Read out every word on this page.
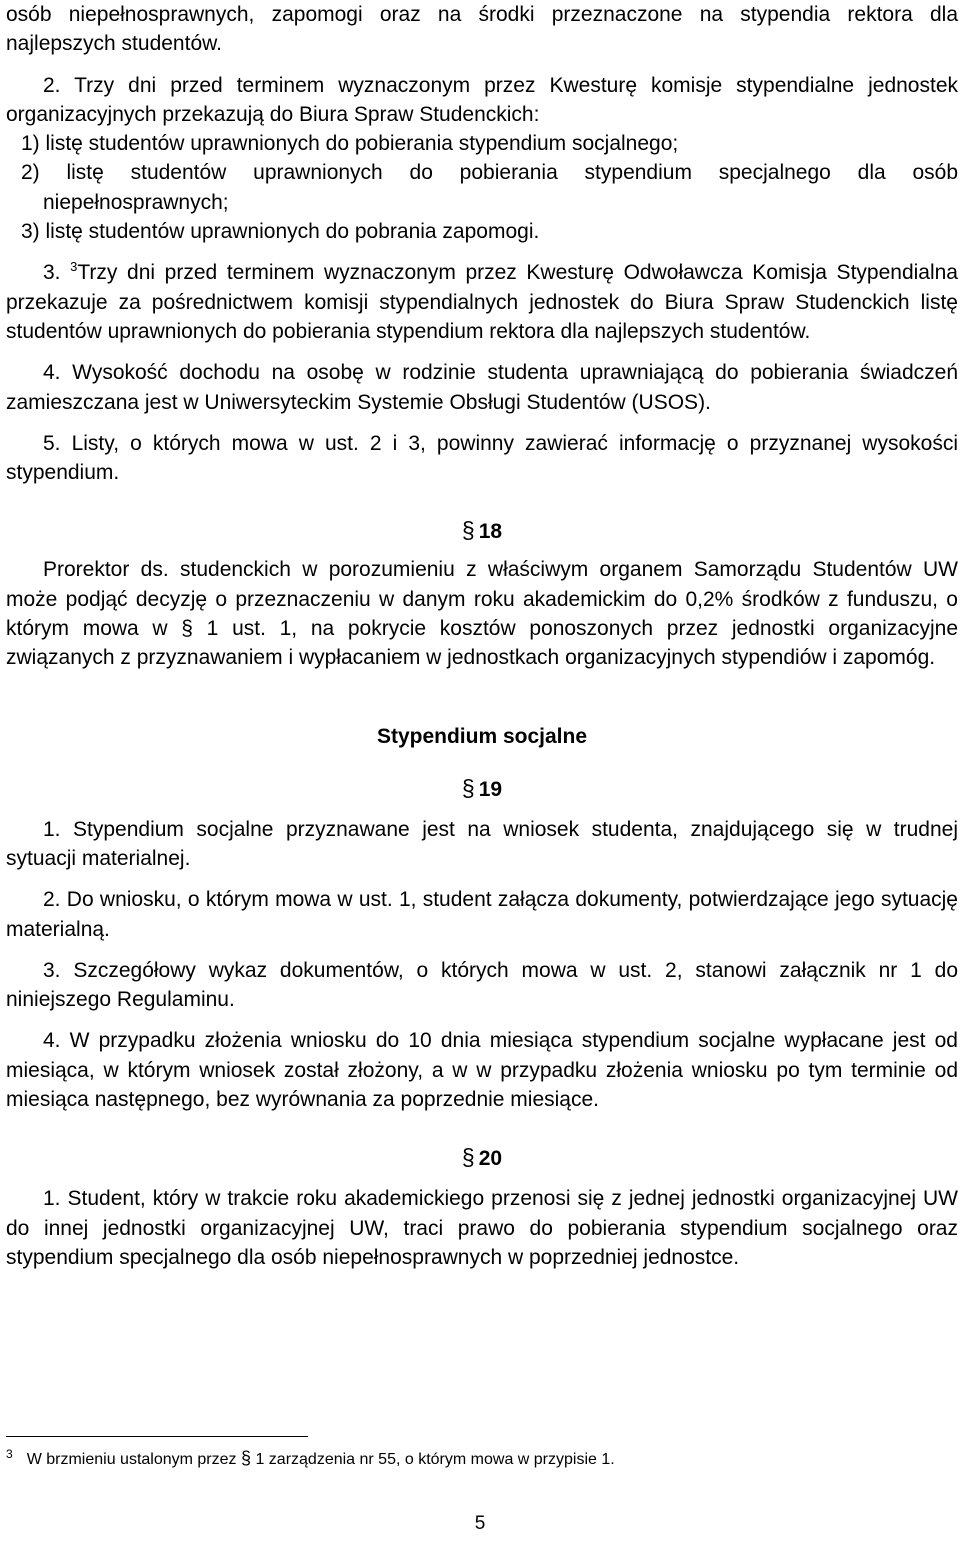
osób niepełnosprawnych, zapomogi oraz na środki przeznaczone na stypendia rektora dla najlepszych studentów.

2. Trzy dni przed terminem wyznaczonym przez Kwesturę komisje stypendialne jednostek organizacyjnych przekazują do Biura Spraw Studenckich:

1) listę studentów uprawnionych do pobierania stypendium socjalnego;

2) listę studentów uprawnionych do pobierania stypendium specjalnego dla osób niepełnosprawnych;

3) listę studentów uprawnionych do pobrania zapomogi.

3. $^3$Trzy dni przed terminem wyznaczonym przez Kwesturę Odwoławcza Komisja Stypendialna przekazuje za pośrednictwem komisji stypendialnych jednostek do Biura Spraw Studenckich listę studentów uprawnionych do pobierania stypendium rektora dla najlepszych studentów.

4. Wysokość dochodu na osobę w rodzinie studenta uprawniającą do pobierania świadczeń zamieszczana jest w Uniwersyteckim Systemie Obsługi Studentów (USOS).

5. Listy, o których mowa w ust. 2 i 3, powinny zawierać informację o przyznanej wysokości stypendium.

§ 18

Prorektor ds. studenckich w porozumieniu z właściwym organem Samorządu Studentów UW może podjąć decyzję o przeznaczeniu w danym roku akademickim do 0,2% środków z funduszu, o którym mowa w § 1 ust. 1, na pokrycie kosztów ponoszonych przez jednostki organizacyjne związanych z przyznawaniem i wypłacaniem w jednostkach organizacyjnych stypendiów i zapomóg.

Stypendium socjalne
§ 19

1. Stypendium socjalne przyznawane jest na wniosek studenta, znajdującego się w trudnej sytuacji materialnej.

2. Do wniosku, o którym mowa w ust. 1, student załącza dokumenty, potwierdzające jego sytuację materialną.

3. Szczegółowy wykaz dokumentów, o których mowa w ust. 2, stanowi załącznik nr 1 do niniejszego Regulaminu.

4. W przypadku złożenia wniosku do 10 dnia miesiąca stypendium socjalne wypłacane jest od miesiąca, w którym wniosek został złożony, a w w przypadku złożenia wniosku po tym terminie od miesiąca następnego, bez wyrównania za poprzednie miesiące.

§ 20

1. Student, który w trakcie roku akademickiego przenosi się z jednej jednostki organizacyjnej UW do innej jednostki organizacyjnej UW, traci prawo do pobierania stypendium socjalnego oraz stypendium specjalnego dla osób niepełnosprawnych w poprzedniej jednostce.

$^3$ W brzmieniu ustalonym przez § 1 zarządzenia nr 55, o którym mowa w przypisie 1.
5
